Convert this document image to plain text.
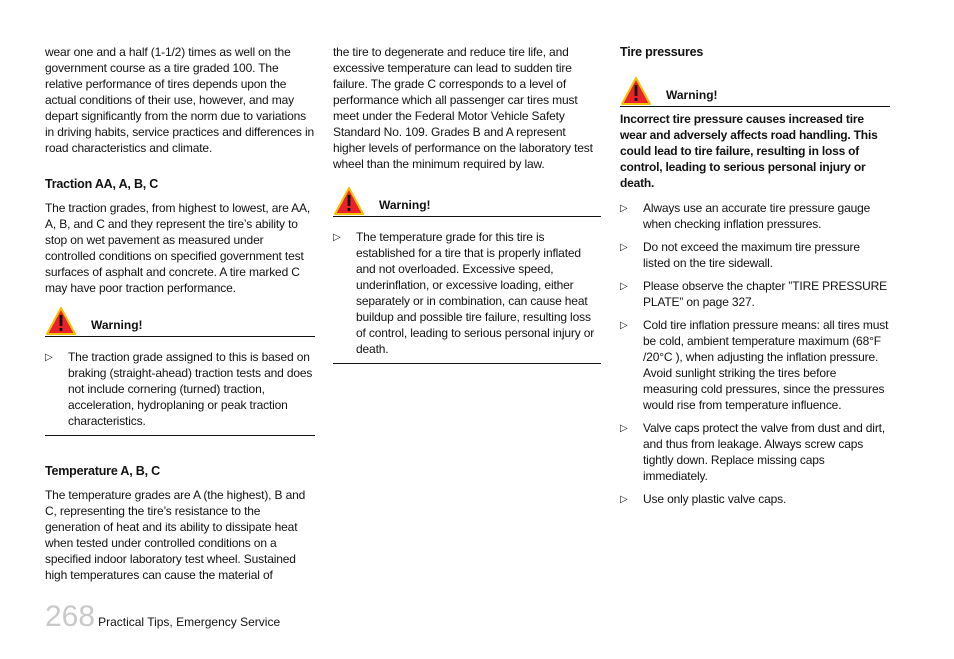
wear one and a half (1-1/2) times as well on the government course as a tire graded 100. The relative performance of tires depends upon the actual conditions of their use, however, and may depart significantly from the norm due to variations in driving habits, service practices and differences in road characteristics and climate.

Traction AA, A, B, C

The traction grades, from highest to lowest, are AA, A, B, and C and they represent the tire’s ability to stop on wet pavement as measured under controlled conditions on specified government test surfaces of asphalt and concrete. A tire marked C may have poor traction performance.

Warning!
▷	The traction grade assigned to this is based on braking (straight-ahead) traction tests and does not include cornering (turned) traction, acceleration, hydroplaning or peak traction characteristics.
Temperature A, B, C

The temperature grades are A (the highest), B and C, representing the tire’s resistance to the generation of heat and its ability to dissipate heat when tested under controlled conditions on a specified indoor laboratory test wheel. Sustained high temperatures can cause the material of

the tire to degenerate and reduce tire life, and excessive temperature can lead to sudden tire failure. The grade C corresponds to a level of performance which all passenger car tires must meet under the Federal Motor Vehicle Safety Standard No. 109. Grades B and A represent higher levels of performance on the laboratory test wheel than the minimum required by law.

Warning!
▷	The temperature grade for this tire is established for a tire that is properly inflated and not overloaded. Excessive speed, underinflation, or excessive loading, either separately or in combination, can cause heat buildup and possible tire failure, resulting loss of control, leading to serious personal injury or death.
Tire pressures
Warning!

Incorrect tire pressure causes increased tire wear and adversely affects road handling. This could lead to tire failure, resulting in loss of control, leading to serious personal injury or death.

▷	Always use an accurate tire pressure gauge when checking inflation pressures.
▷	Do not exceed the maximum tire pressure listed on the tire sidewall.
▷	Please observe the chapter ”TIRE PRESSURE PLATE” on page 327.
▷	Cold tire inflation pressure means: all tires must be cold, ambient temperature maximum (68°F /20°C ), when adjusting the inflation pressure. Avoid sunlight striking the tires before measuring cold pressures, since the pressures would rise from temperature influence.
▷	Valve caps protect the valve from dust and dirt, and thus from leakage. Always screw caps tightly down. Replace missing caps immediately.
▷	Use only plastic valve caps.
268 Practical Tips, Emergency Service
